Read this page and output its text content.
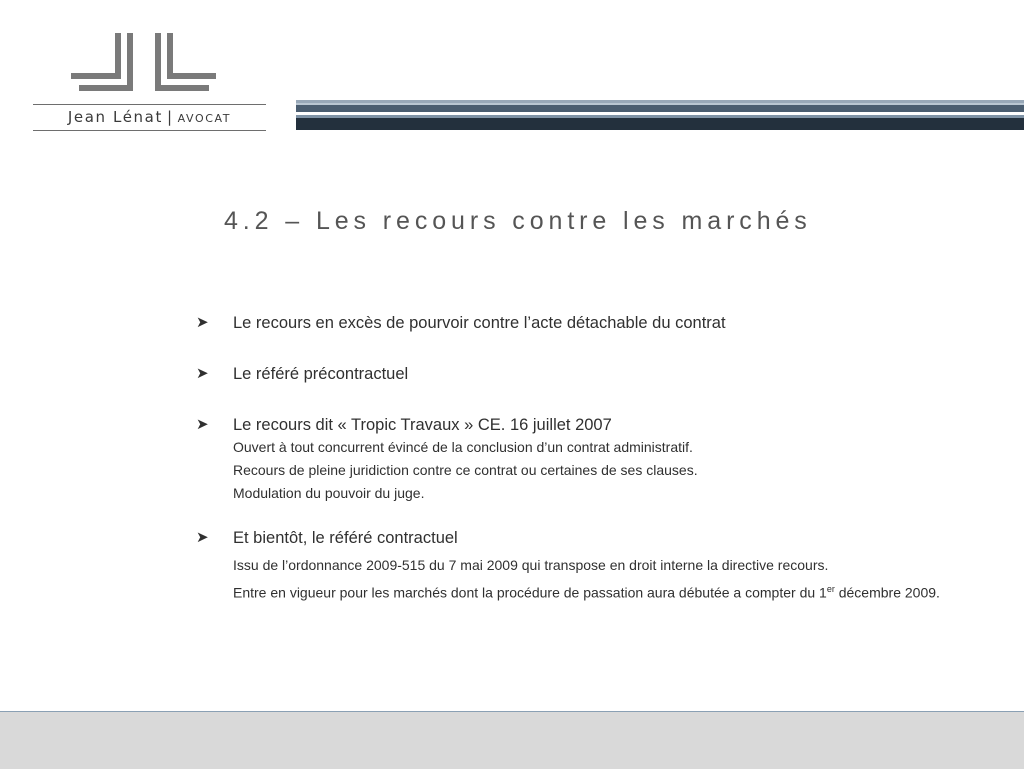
Jean Lénat | avocat
4.2 – Les recours contre les marchés
➤ Le recours en excès de pourvoir contre l’acte détachable du contrat
➤ Le référé précontractuel
➤ Le recours dit « Tropic Travaux » CE. 16 juillet 2007
Ouvert à tout concurrent évincé de la conclusion d’un contrat administratif.
Recours de pleine juridiction contre ce contrat ou certaines de ses clauses.
Modulation du pouvoir du juge.
➤ Et bientôt, le référé contractuel
Issu de l’ordonnance 2009-515 du 7 mai 2009 qui transpose en droit interne la directive recours.
Entre en vigueur pour les marchés dont la procédure de passation aura débutée a compter du 1er décembre 2009.
